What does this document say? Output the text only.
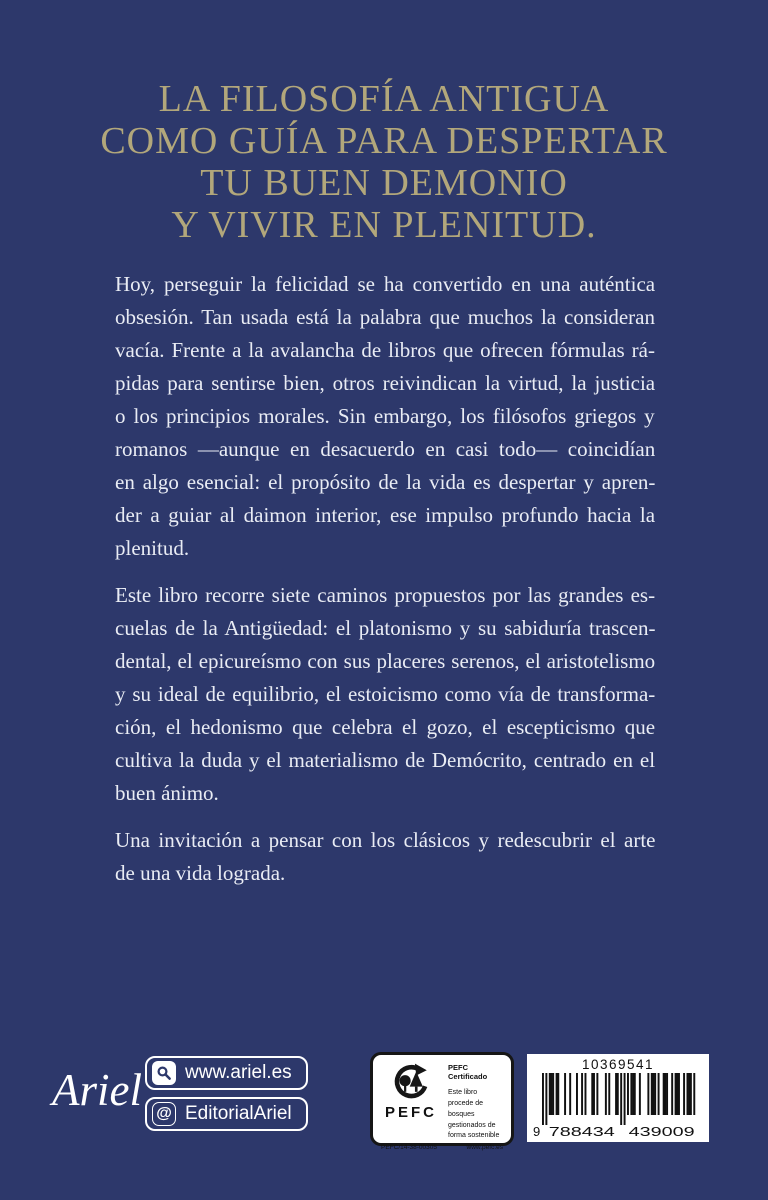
LA FILOSOFÍA ANTIGUA
COMO GUÍA PARA DESPERTAR
TU BUEN DEMONIO
Y VIVIR EN PLENITUD.

Hoy, perseguir la felicidad se ha convertido en una auténtica
obsesión. Tan usada está la palabra que muchos la consideran
vacía. Frente a la avalancha de libros que ofrecen fórmulas rá-
pidas para sentirse bien, otros reivindican la virtud, la justicia
o los principios morales. Sin embargo, los filósofos griegos y
romanos —aunque en desacuerdo en casi todo— coincidían
en algo esencial: el propósito de la vida es despertar y apren-
der a guiar al daimon interior, ese impulso profundo hacia la
plenitud.

Este libro recorre siete caminos propuestos por las grandes es-
cuelas de la Antigüedad: el platonismo y su sabiduría trascen-
dental, el epicureísmo con sus placeres serenos, el aristotelismo
y su ideal de equilibrio, el estoicismo como vía de transforma-
ción, el hedonismo que celebra el gozo, el escepticismo que
cultiva la duda y el materialismo de Demócrito, centrado en el
buen ánimo.

Una invitación a pensar con los clásicos y redescubrir el arte
de una vida lograda.

Ariel www.ariel.es
@ EditorialAriel	PEFC
PEFC Certificado
Este libro procede de bosques gestionados de forma sostenible
PEFC/14-38-00305	www.pefc.es
10369541
9 788434 439009
